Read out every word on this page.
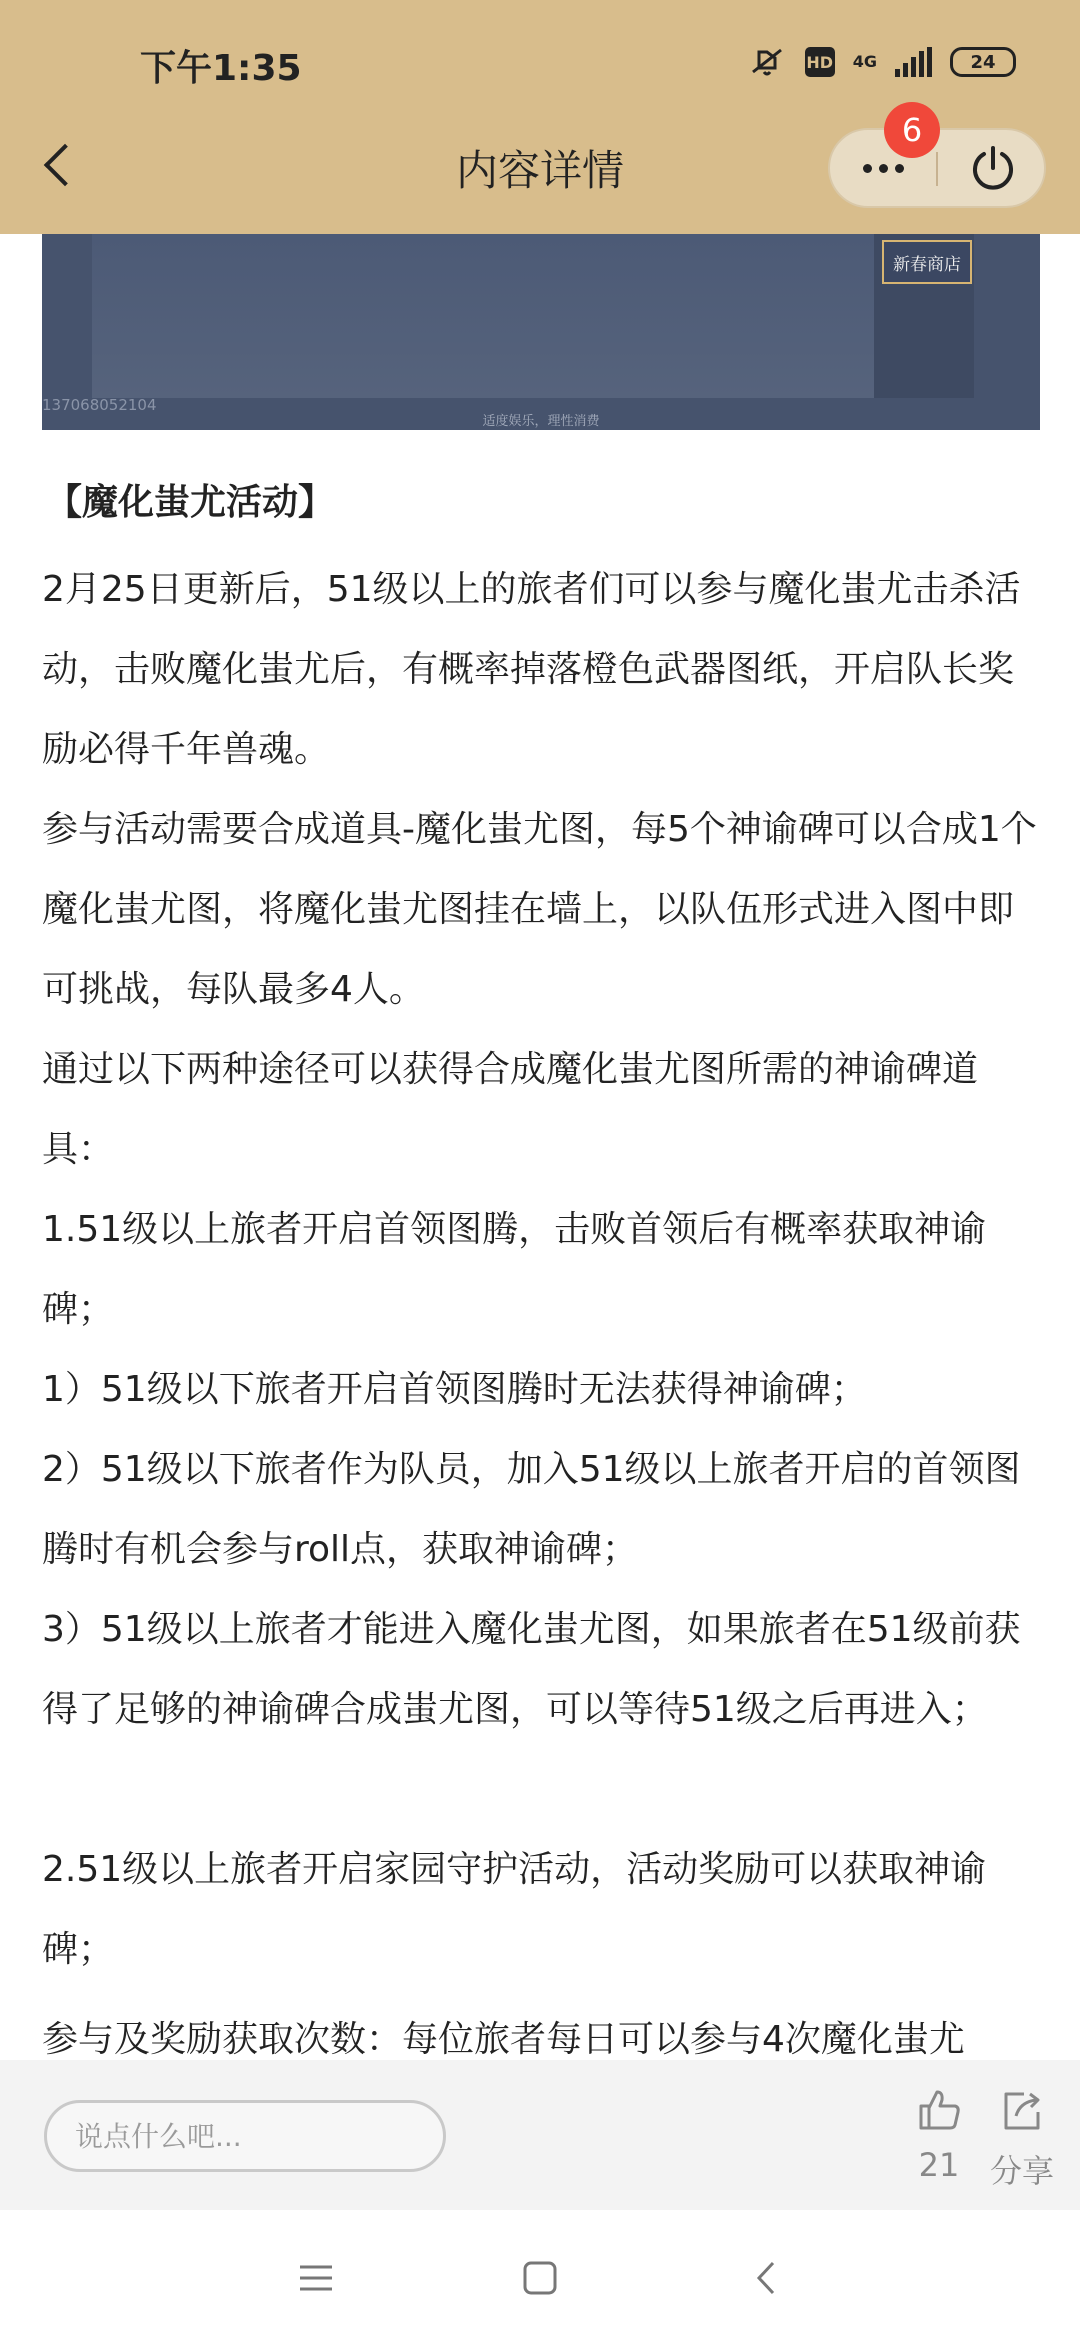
下午1:35	HD 4G	24
内容详情
6
新春商店
137068052104
适度娱乐，理性消费
【魔化蚩尤活动】
2月25日更新后，51级以上的旅者们可以参与魔化蚩尤击杀活动，击败魔化蚩尤后，有概率掉落橙色武器图纸，开启队长奖励必得千年兽魂。
参与活动需要合成道具-魔化蚩尤图，每5个神谕碑可以合成1个魔化蚩尤图，将魔化蚩尤图挂在墙上，以队伍形式进入图中即可挑战，每队最多4人。
通过以下两种途径可以获得合成魔化蚩尤图所需的神谕碑道具：
1.51级以上旅者开启首领图腾，击败首领后有概率获取神谕碑；
1）51级以下旅者开启首领图腾时无法获得神谕碑；
2）51级以下旅者作为队员，加入51级以上旅者开启的首领图腾时有机会参与roll点，获取神谕碑；
3）51级以上旅者才能进入魔化蚩尤图，如果旅者在51级前获得了足够的神谕碑合成蚩尤图，可以等待51级之后再进入；
2.51级以上旅者开启家园守护活动，活动奖励可以获取神谕碑；
参与及奖励获取次数：每位旅者每日可以参与4次魔化蚩尤
说点什么吧...
21 分享
